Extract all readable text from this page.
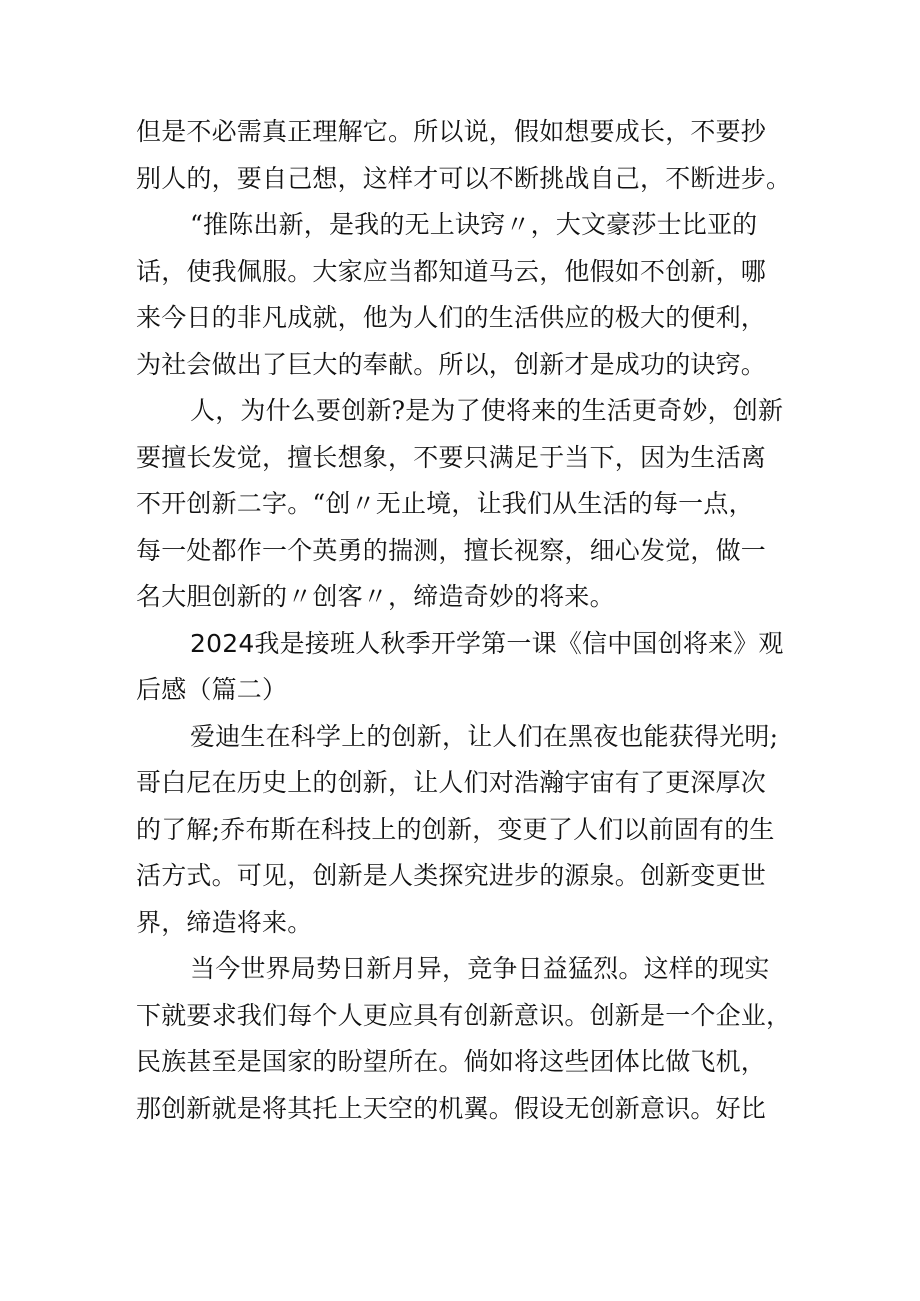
但是不必需真正理解它。所以说，假如想要成长，不要抄
别人的，要自己想，这样才可以不断挑战自己，不断进步。

“推陈出新，是我的无上诀窍〃，大文豪莎士比亚的
话，使我佩服。大家应当都知道马云，他假如不创新，哪
来今日的非凡成就，他为人们的生活供应的极大的便利，
为社会做出了巨大的奉献。所以，创新才是成功的诀窍。

人，为什么要创新?是为了使将来的生活更奇妙，创新
要擅长发觉，擅长想象，不要只满足于当下，因为生活离
不开创新二字。“创〃无止境，让我们从生活的每一点，
每一处都作一个英勇的揣测，擅长视察，细心发觉，做一
名大胆创新的〃创客〃，缔造奇妙的将来。

2024我是接班人秋季开学第一课《信中国创将来》观
后感（篇二）

爱迪生在科学上的创新，让人们在黑夜也能获得光明;
哥白尼在历史上的创新，让人们对浩瀚宇宙有了更深厚次
的了解;乔布斯在科技上的创新，变更了人们以前固有的生
活方式。可见，创新是人类探究进步的源泉。创新变更世
界，缔造将来。

当今世界局势日新月异，竞争日益猛烈。这样的现实
下就要求我们每个人更应具有创新意识。创新是一个企业，
民族甚至是国家的盼望所在。倘如将这些团体比做飞机，
那创新就是将其托上天空的机翼。假设无创新意识。好比
